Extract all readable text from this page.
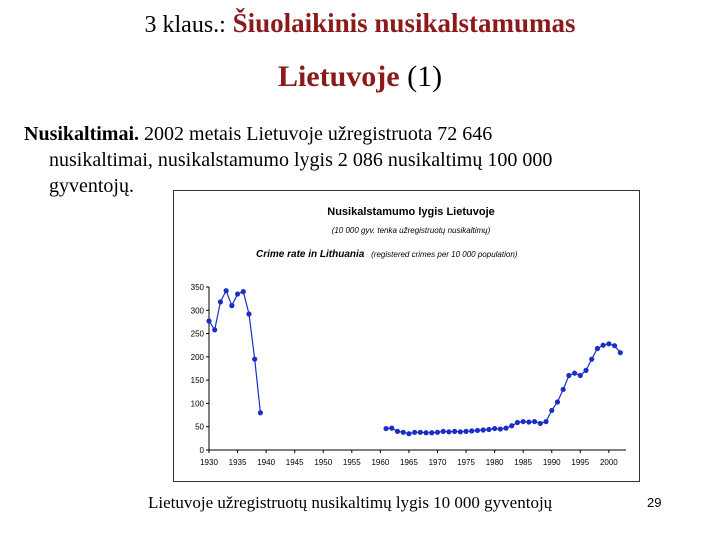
3 klaus.: Šiuolaikinis nusikalstamumas
Lietuvoje (1)
Nusikaltimai. 2002 metais Lietuvoje užregistruota 72 646
nusikaltimai, nusikalstamumo lygis 2 086 nusikaltimų 100 000
gyventojų.
Nusikalstamumo lygis Lietuvoje
(10 000 gyv. tenka užregistruotų nusikaltimų)
Crime rate in Lithuania (registered crimes per 10 000 population)
0
50
100
150
200
250
300
350
1930 1935 1940 1945 1950 1955 1960 1965 1970 1975 1980 1985 1990 1995 2000
Lietuvoje užregistruotų nusikaltimų lygis 10 000 gyventojų	29
